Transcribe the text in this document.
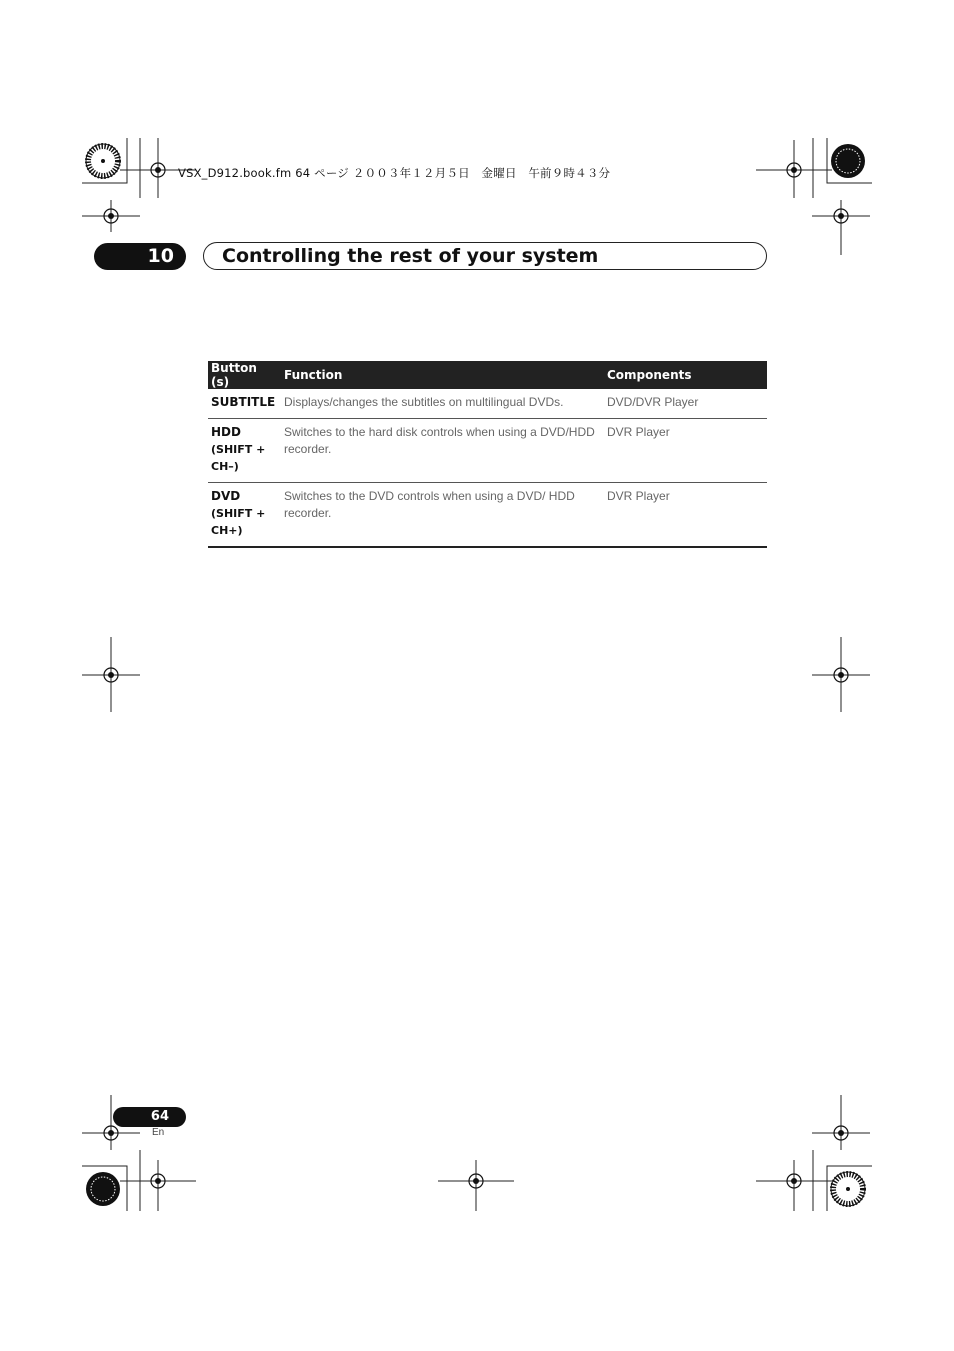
VSX_D912.book.fm 64 ページ ２００３年１２月５日　金曜日　午前９時４３分
10	Controlling the rest of your system
Button (s)	Function	Components

SUBTITLE	Displays/changes the subtitles on multilingual DVDs.	DVD/DVR Player

HDD
(SHIFT + CH–)	Switches to the hard disk controls when using a DVD/HDD recorder.	DVR Player

DVD
(SHIFT + CH+)	Switches to the DVD controls when using a DVD/ HDD recorder.	DVR Player
64
En
